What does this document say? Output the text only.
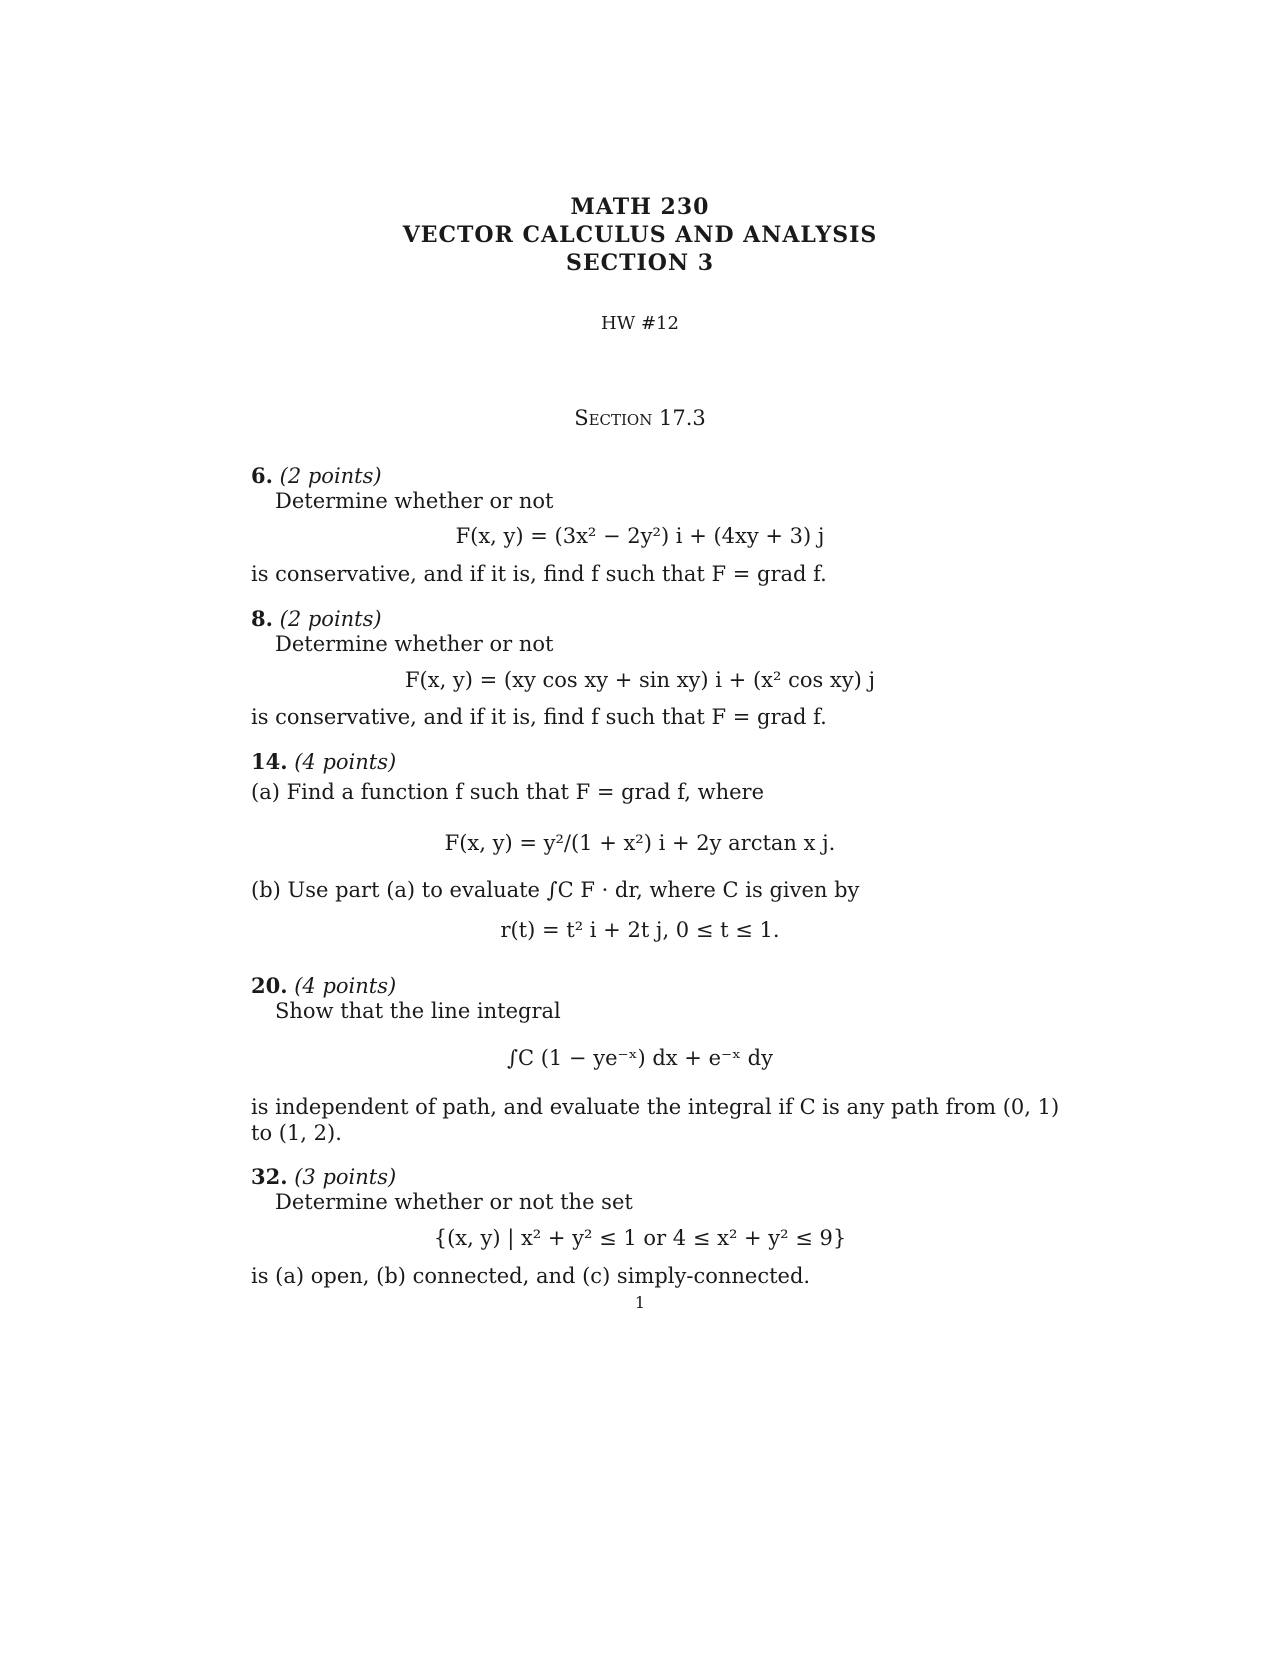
MATH 230
VECTOR CALCULUS AND ANALYSIS
SECTION 3
HW #12
Section 17.3
6. (2 points)
Determine whether or not
F(x, y) = (3x² − 2y²) i + (4xy + 3) j
is conservative, and if it is, find f such that F = grad f.
8. (2 points)
Determine whether or not
F(x, y) = (xy cos xy + sin xy) i + (x² cos xy) j
is conservative, and if it is, find f such that F = grad f.
14. (4 points)
(a) Find a function f such that F = grad f, where
F(x, y) = y²/(1 + x²) i + 2y arctan x j.
(b) Use part (a) to evaluate ∫C F · dr, where C is given by
r(t) = t² i + 2t j, 0 ≤ t ≤ 1.
20. (4 points)
Show that the line integral
∫C (1 − ye⁻ˣ) dx + e⁻ˣ dy
is independent of path, and evaluate the integral if C is any path from (0, 1)
to (1, 2).
32. (3 points)
Determine whether or not the set
{(x, y) | x² + y² ≤ 1 or 4 ≤ x² + y² ≤ 9}
is (a) open, (b) connected, and (c) simply-connected.
1
